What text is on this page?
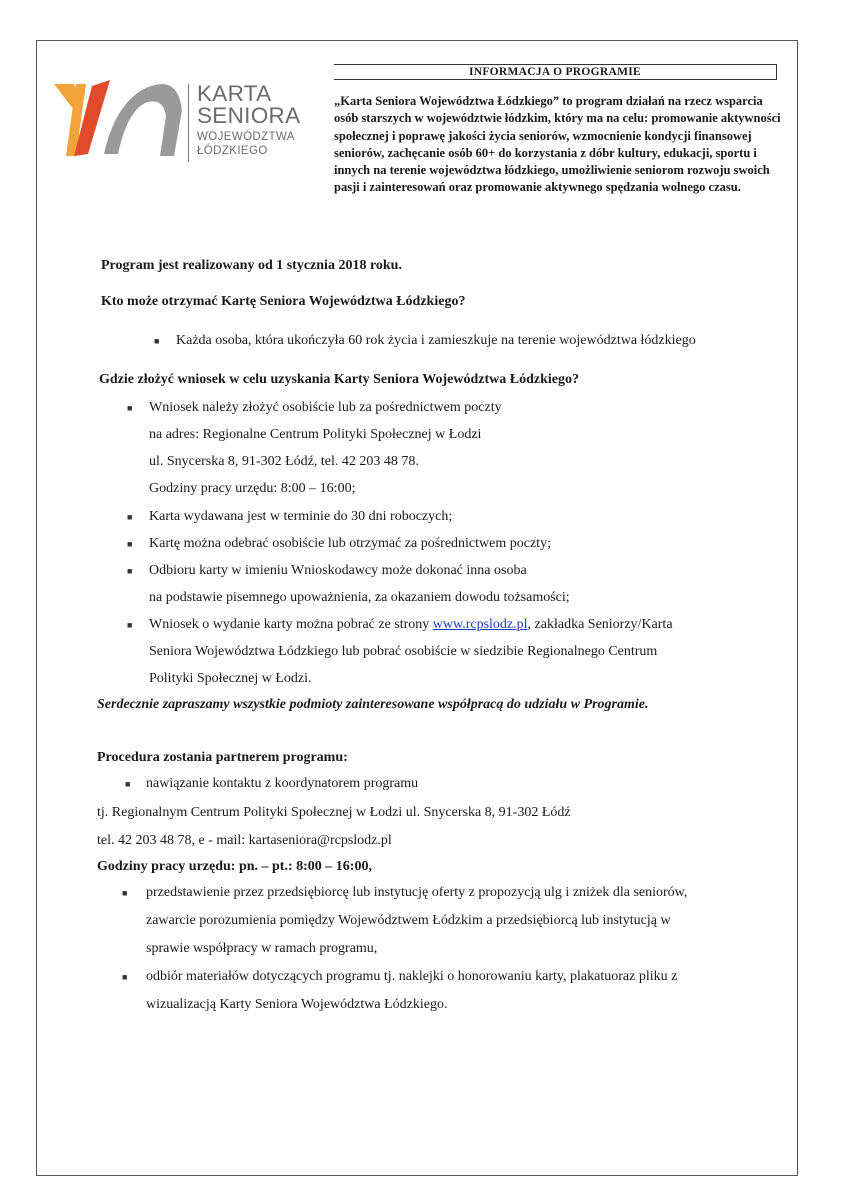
KARTA
SENIORA
WOJEWÓDZTWA
ŁÓDZKIEGO
INFORMACJA O PROGRAMIE
„Karta Seniora Województwa Łódzkiego” to program działań na rzecz wsparcia osób starszych w województwie łódzkim, który ma na celu: promowanie aktywności społecznej i poprawę jakości życia seniorów, wzmocnienie kondycji finansowej seniorów, zachęcanie osób 60+ do korzystania z dóbr kultury, edukacji, sportu i innych na terenie województwa łódzkiego, umożliwienie seniorom rozwoju swoich pasji i zainteresowań oraz promowanie aktywnego spędzania wolnego czasu.
Program jest realizowany od 1 stycznia 2018 roku.
Kto może otrzymać Kartę Seniora Województwa Łódzkiego?
■ Każda osoba, która ukończyła 60 rok życia i zamieszkuje na terenie województwa łódzkiego
Gdzie złożyć wniosek w celu uzyskania Karty Seniora Województwa Łódzkiego?
■ Wniosek należy złożyć osobiście lub za pośrednictwem poczty
na adres: Regionalne Centrum Polityki Społecznej w Łodzi
ul. Snycerska 8, 91-302 Łódź, tel. 42 203 48 78.
Godziny pracy urzędu: 8:00 – 16:00;
■ Karta wydawana jest w terminie do 30 dni roboczych;
■ Kartę można odebrać osobiście lub otrzymać za pośrednictwem poczty;
■ Odbioru karty w imieniu Wnioskodawcy może dokonać inna osoba
na podstawie pisemnego upoważnienia, za okazaniem dowodu tożsamości;
■ Wniosek o wydanie karty można pobrać ze strony www.rcpslodz.pl, zakładka Seniorzy/Karta
Seniora Województwa Łódzkiego lub pobrać osobiście w siedzibie Regionalnego Centrum
Polityki Społecznej w Łodzi.
Serdecznie zapraszamy wszystkie podmioty zainteresowane współpracą do udziału w Programie.
Procedura zostania partnerem programu:
■ nawiązanie kontaktu z koordynatorem programu
tj. Regionalnym Centrum Polityki Społecznej w Łodzi ul. Snycerska 8, 91-302 Łódź
tel. 42 203 48 78, e - mail: kartaseniora@rcpslodz.pl
Godziny pracy urzędu: pn. – pt.: 8:00 – 16:00,
■ przedstawienie przez przedsiębiorcę lub instytucję oferty z propozycją ulg i zniżek dla seniorów,
zawarcie porozumienia pomiędzy Województwem Łódzkim a przedsiębiorcą lub instytucją w
sprawie współpracy w ramach programu,
■ odbiór materiałów dotyczących programu tj. naklejki o honorowaniu karty, plakatuoraz pliku z
wizualizacją Karty Seniora Województwa Łódzkiego.
